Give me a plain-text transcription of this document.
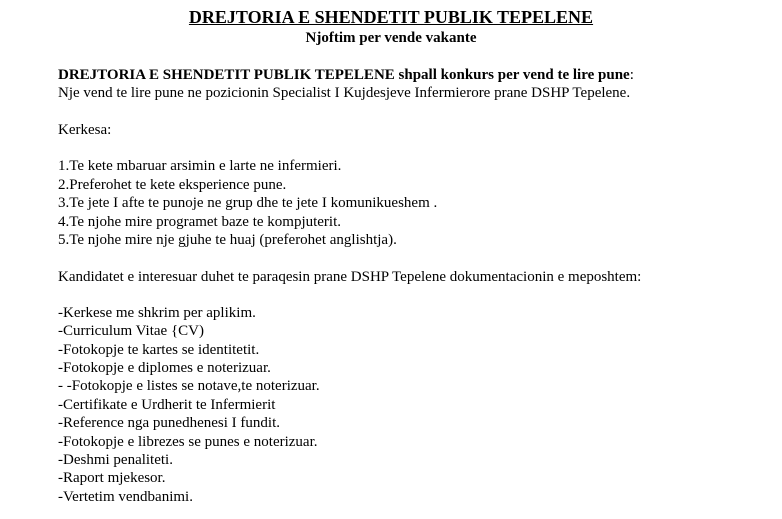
DREJTORIA E SHENDETIT PUBLIK TEPELENE
Njoftim per vende vakante
DREJTORIA E SHENDETIT PUBLIK TEPELENE shpall konkurs per vend te lire pune:
Nje vend te lire pune ne pozicionin Specialist I Kujdesjeve Infermierore prane DSHP Tepelene.
Kerkesa:
1.Te kete mbaruar arsimin e larte ne infermieri.
2.Preferohet te kete eksperience pune.
3.Te jete I afte te punoje ne grup dhe te jete I komunikueshem .
4.Te njohe mire programet baze te kompjuterit.
5.Te njohe mire nje gjuhe te huaj (preferohet anglishtja).
Kandidatet e interesuar duhet te paraqesin prane DSHP Tepelene dokumentacionin e meposhtem:
-Kerkese me shkrim per aplikim.
-Curriculum Vitae {CV)
-Fotokopje te kartes se identitetit.
-Fotokopje e diplomes e noterizuar.
- -Fotokopje e listes se notave,te noterizuar.
-Certifikate e Urdherit te Infermierit
-Reference nga punedhenesi I fundit.
-Fotokopje e librezes se punes e noterizuar.
-Deshmi penaliteti.
-Raport mjekesor.
-Vertetim vendbanimi.
